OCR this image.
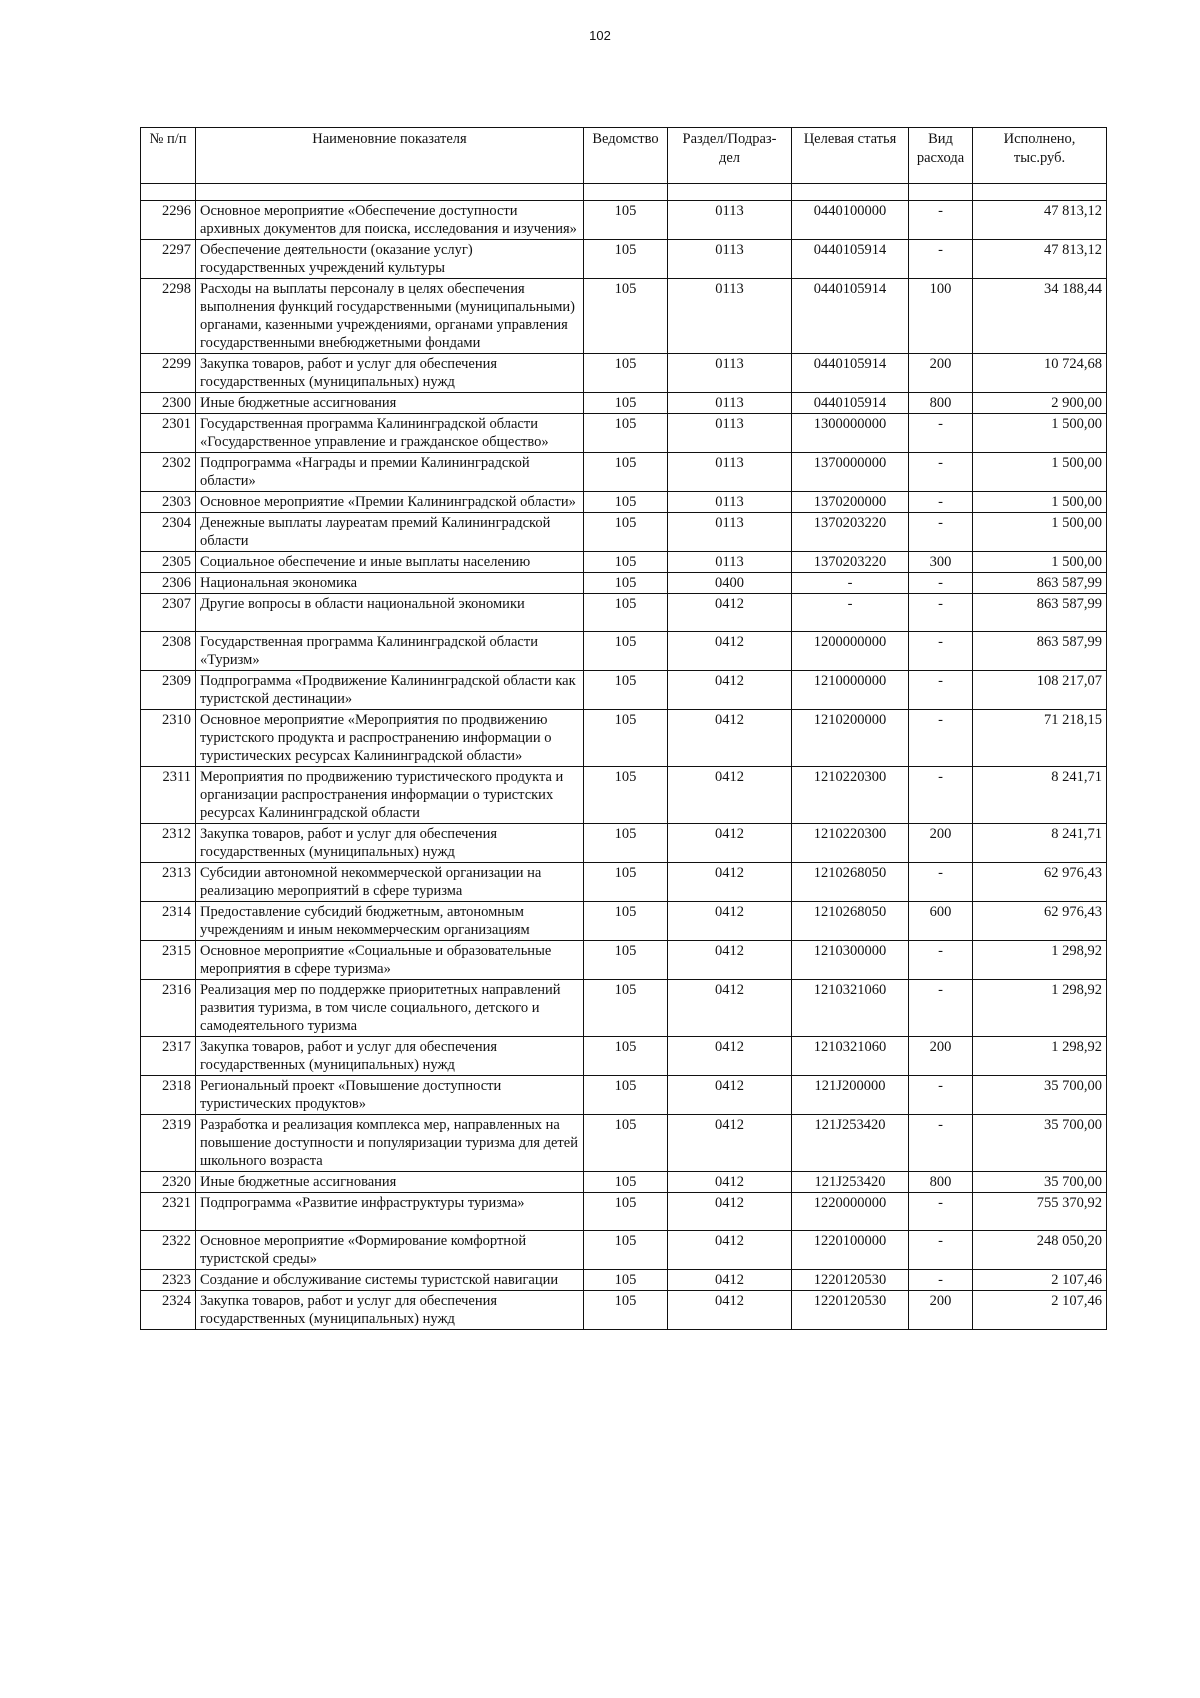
102
№ п/п	Наименовние показателя	Ведомство	Раздел/Подраз- дел	Целевая статья	Вид расхода	Исполнено, тыс.руб.

2296	Основное мероприятие «Обеспечение доступности архивных документов для поиска, исследования и изучения»	105	0113	0440100000	-	47 813,12
2297	Обеспечение деятельности (оказание услуг) государственных учреждений культуры	105	0113	0440105914	-	47 813,12
2298	Расходы на выплаты персоналу в целях обеспечения выполнения функций государственными (муниципальными) органами, казенными учреждениями, органами управления государственными внебюджетными фондами	105	0113	0440105914	100	34 188,44
2299	Закупка товаров, работ и услуг для обеспечения государственных (муниципальных) нужд	105	0113	0440105914	200	10 724,68
2300	Иные бюджетные ассигнования	105	0113	0440105914	800	2 900,00
2301	Государственная программа Калининградской области «Государственное управление и гражданское общество»	105	0113	1300000000	-	1 500,00
2302	Подпрограмма «Награды и премии Калининградской области»	105	0113	1370000000	-	1 500,00
2303	Основное мероприятие «Премии Калининградской области»	105	0113	1370200000	-	1 500,00
2304	Денежные выплаты лауреатам премий Калининградской области	105	0113	1370203220	-	1 500,00
2305	Социальное обеспечение и иные выплаты населению	105	0113	1370203220	300	1 500,00
2306	Национальная экономика	105	0400	-	-	863 587,99
2307	Другие вопросы в области национальной экономики	105	0412	-	-	863 587,99
2308	Государственная программа Калининградской области «Туризм»	105	0412	1200000000	-	863 587,99
2309	Подпрограмма «Продвижение Калининградской области как туристской дестинации»	105	0412	1210000000	-	108 217,07
2310	Основное мероприятие «Мероприятия по продвижению туристского продукта и распространению информации о туристических ресурсах Калининградской области»	105	0412	1210200000	-	71 218,15
2311	Мероприятия по продвижению туристического продукта и организации распространения информации о туристских ресурсах Калининградской области	105	0412	1210220300	-	8 241,71
2312	Закупка товаров, работ и услуг для обеспечения государственных (муниципальных) нужд	105	0412	1210220300	200	8 241,71
2313	Субсидии автономной некоммерческой организации на реализацию мероприятий в сфере туризма	105	0412	1210268050	-	62 976,43
2314	Предоставление субсидий бюджетным, автономным учреждениям и иным некоммерческим организациям	105	0412	1210268050	600	62 976,43
2315	Основное мероприятие «Социальные и образовательные мероприятия в сфере туризма»	105	0412	1210300000	-	1 298,92
2316	Реализация мер по поддержке приоритетных направлений развития туризма, в том числе социального, детского и самодеятельного туризма	105	0412	1210321060	-	1 298,92
2317	Закупка товаров, работ и услуг для обеспечения государственных (муниципальных) нужд	105	0412	1210321060	200	1 298,92
2318	Региональный проект «Повышение доступности туристических продуктов»	105	0412	121J200000	-	35 700,00
2319	Разработка и реализация комплекса мер, направленных на повышение доступности и популяризации туризма для детей школьного возраста	105	0412	121J253420	-	35 700,00
2320	Иные бюджетные ассигнования	105	0412	121J253420	800	35 700,00
2321	Подпрограмма «Развитие инфраструктуры туризма»	105	0412	1220000000	-	755 370,92
2322	Основное мероприятие «Формирование комфортной туристской среды»	105	0412	1220100000	-	248 050,20
2323	Создание и обслуживание системы туристской навигации	105	0412	1220120530	-	2 107,46
2324	Закупка товаров, работ и услуг для обеспечения государственных (муниципальных) нужд	105	0412	1220120530	200	2 107,46
